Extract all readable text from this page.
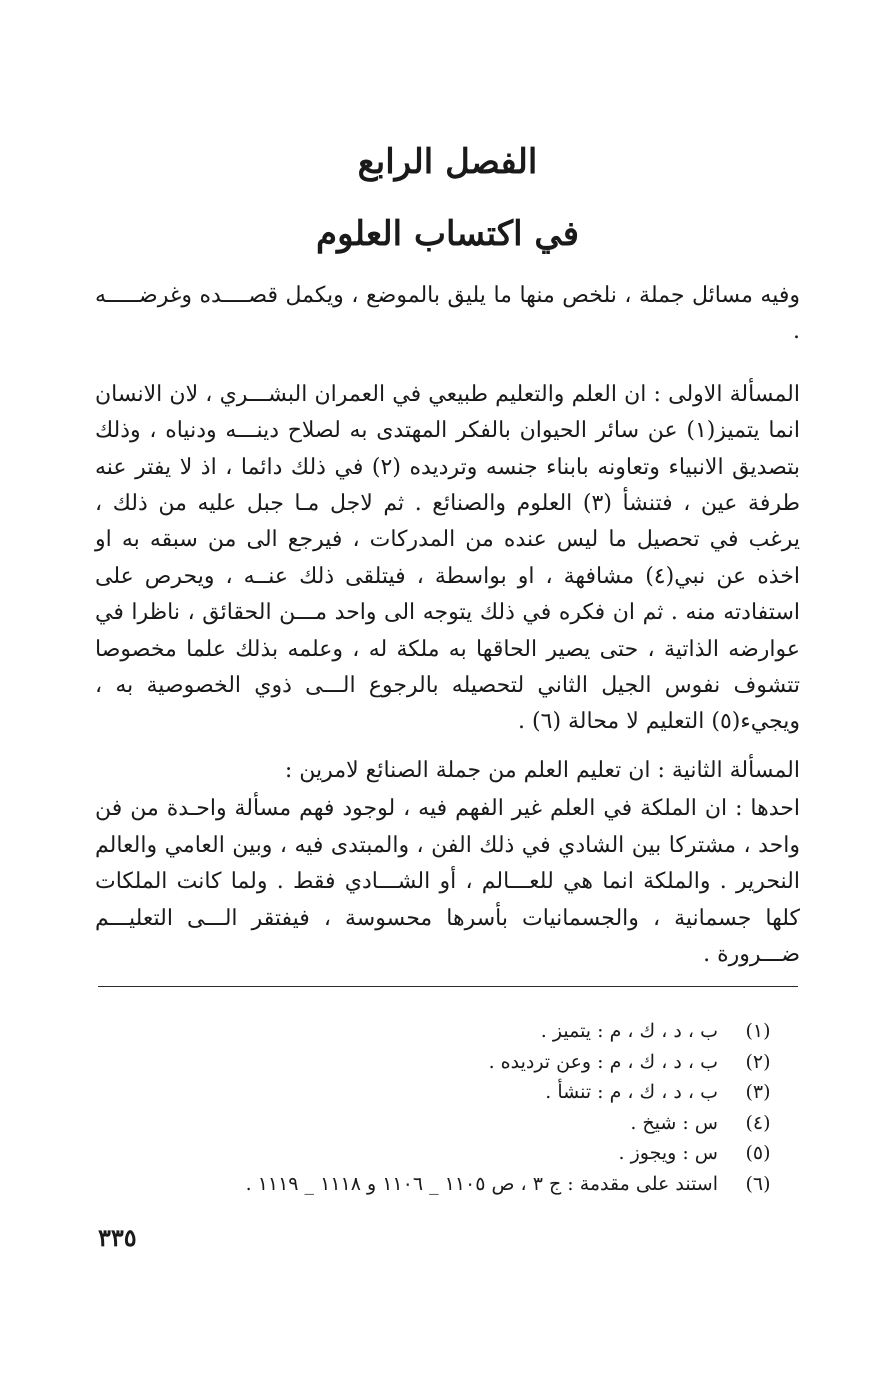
الفصل الرابع
في اكتساب العلوم

وفيه مسائل جملة ، نلخص منها ما يليق بالموضع ، ويكمل قصــــده وغرضـــــه .

المسألة الاولى : ان العلم والتعليم طبيعي في العمران البشـــري ، لان الانسان انما يتميز(١) عن سائر الحيوان بالفكر المهتدى به لصلاح دينـــه ودنياه ، وذلك بتصديق الانبياء وتعاونه بابناء جنسه وترديده (٢) في ذلك دائما ، اذ لا يفتر عنه طرفة عين ، فتنشأ (٣) العلوم والصنائع . ثم لاجل مـا جبل عليه من ذلك ، يرغب في تحصيل ما ليس عنده من المدركات ، فيرجع الى من سبقه به او اخذه عن نبي(٤) مشافهة ، او بواسطة ، فيتلقى ذلك عنــه ، ويحرص على استفادته منه . ثم ان فكره في ذلك يتوجه الى واحد مـــن الحقائق ، ناظرا في عوارضه الذاتية ، حتى يصير الحاقها به ملكة له ، وعلمه بذلك علما مخصوصا تتشوف نفوس الجيل الثاني لتحصيله بالرجوع الـــى ذوي الخصوصية به ، ويجيء(٥) التعليم لا محالة (٦) .

المسألة الثانية : ان تعليم العلم من جملة الصنائع لامرين :

احدها : ان الملكة في العلم غير الفهم فيه ، لوجود فهم مسألة واحـدة من فن واحد ، مشتركا بين الشادي في ذلك الفن ، والمبتدى فيه ، وبين العامي والعالم النحرير . والملكة انما هي للعـــالم ، أو الشـــادي فقط . ولما كانت الملكات كلها جسمانية ، والجسمانيات بأسرها محسوسة ، فيفتقر الـــى التعليـــم ضـــرورة .

(١)
ب ، د ، ك ، م : يتميز .
(٢)
ب ، د ، ك ، م : وعن ترديده .
(٣)
ب ، د ، ك ، م : تنشأ .
(٤)
س : شيخ .
(٥)
س : ويجوز .
(٦)
استند على مقدمة : ج ٣ ، ص ١١٠٥ _ ١١٠٦ و ١١١٨ _ ١١١٩ .
٣٣٥
